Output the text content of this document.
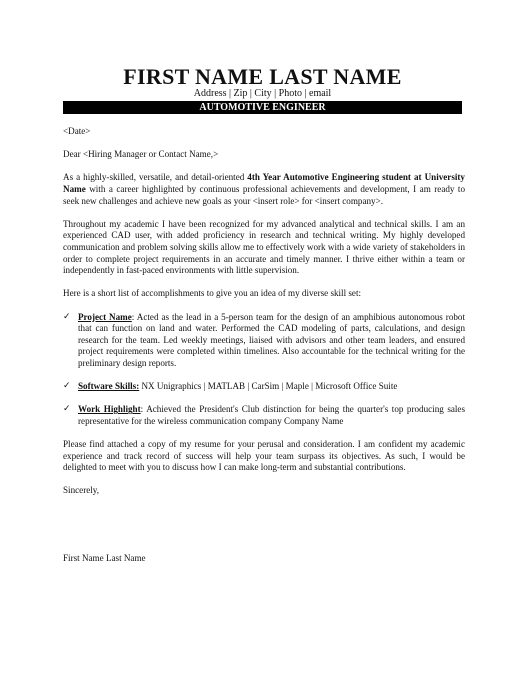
FIRST NAME LAST NAME
Address | Zip | City | Photo | email
AUTOMOTIVE ENGINEER

<Date>

Dear <Hiring Manager or Contact Name,>

As a highly-skilled, versatile, and detail-oriented 4th Year Automotive Engineering student at University Name with a career highlighted by continuous professional achievements and development, I am ready to seek new challenges and achieve new goals as your <insert role> for <insert company>.

Throughout my academic I have been recognized for my advanced analytical and technical skills. I am an experienced CAD user, with added proficiency in research and technical writing. My highly developed communication and problem solving skills allow me to effectively work with a wide variety of stakeholders in order to complete project requirements in an accurate and timely manner. I thrive either within a team or independently in fast-paced environments with little supervision.

Here is a short list of accomplishments to give you an idea of my diverse skill set:

✓ Project Name: Acted as the lead in a 5-person team for the design of an amphibious autonomous robot that can function on land and water. Performed the CAD modeling of parts, calculations, and design research for the team. Led weekly meetings, liaised with advisors and other team leaders, and ensured project requirements were completed within timelines. Also accountable for the technical writing for the preliminary design reports.
✓ Software Skills: NX Unigraphics | MATLAB | CarSim | Maple | Microsoft Office Suite
✓ Work Highlight: Achieved the President's Club distinction for being the quarter's top producing sales representative for the wireless communication company Company Name

Please find attached a copy of my resume for your perusal and consideration. I am confident my academic experience and track record of success will help your team surpass its objectives. As such, I would be delighted to meet with you to discuss how I can make long-term and substantial contributions.

Sincerely,

First Name Last Name
